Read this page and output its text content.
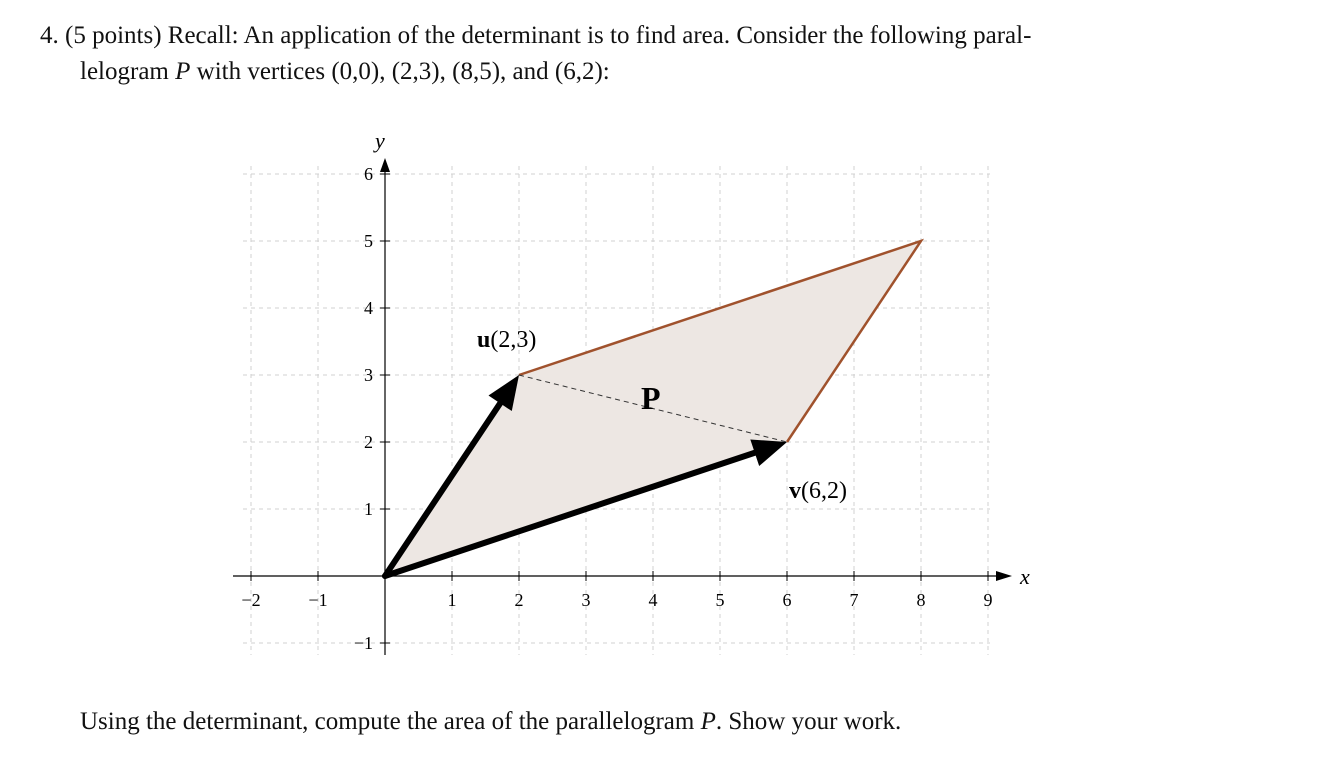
4. (5 points) Recall: An application of the determinant is to find area. Consider the following paral-
lelogram P with vertices (0,0), (2,3), (8,5), and (6,2):
x
y
−2	−1	1	2	3	4	5	6	7	8	9
−1
1
2
3
4
5
6
u(2,3)
v(6,2)
P
Using the determinant, compute the area of the parallelogram P. Show your work.
